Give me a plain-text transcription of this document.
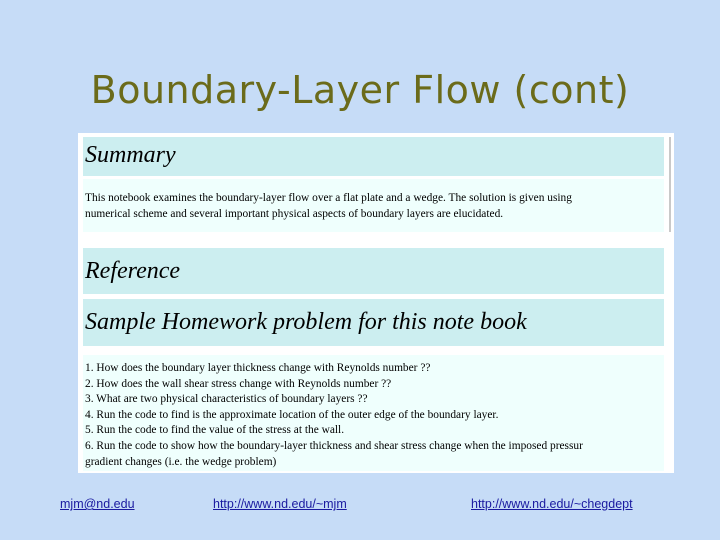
Boundary-Layer Flow (cont)
Summary
This notebook examines the boundary-layer flow over a flat plate and a wedge. The solution is given using
numerical scheme and several important physical aspects of boundary layers are elucidated.
Reference
Sample Homework problem for this note book
1. How does the boundary layer thickness change with Reynolds number ??
2. How does the wall shear stress change with Reynolds number ??
3. What are two physical characteristics of boundary layers ??
4. Run the code to find is the approximate location of the outer edge of the boundary layer.
5. Run the code to find the value of the stress at the wall.
6. Run the code to show how the boundary-layer thickness and shear stress change when the imposed pressur
gradient changes (i.e. the wedge problem)
mjm@nd.edu	http://www.nd.edu/~mjm	http://www.nd.edu/~chegdept
